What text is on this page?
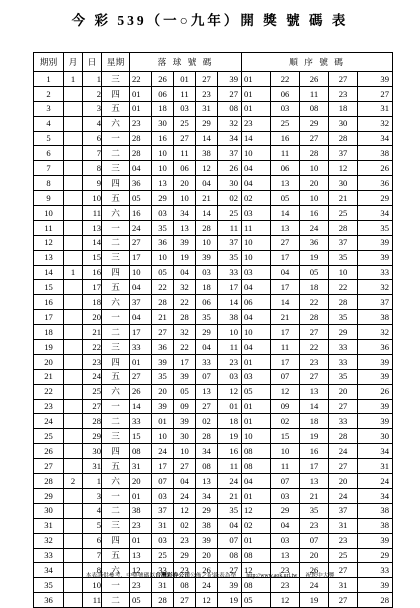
今 彩 539（一○九年）開 獎 號 碼 表
期別	月	日	星期	落 球 號 碼					順 序 號 碼				
1	1	1	三	22	26	01	27	39	01	22	26	27	39
2		2	四	01	06	11	23	27	01	06	11	23	27
3		3	五	01	18	03	31	08	01	03	08	18	31
4		4	六	23	30	25	29	32	23	25	29	30	32
5		6	一	28	16	27	14	34	14	16	27	28	34
6		7	二	28	10	11	38	37	10	11	28	37	38
7		8	三	04	10	06	12	26	04	06	10	12	26
8		9	四	36	13	20	04	30	04	13	20	30	36
9		10	五	05	29	10	21	02	02	05	10	21	29
10		11	六	16	03	34	14	25	03	14	16	25	34
11		13	一	24	35	13	28	11	11	13	24	28	35
12		14	二	27	36	39	10	37	10	27	36	37	39
13		15	三	17	10	19	39	35	10	17	19	35	39
14	1	16	四	10	05	04	03	33	03	04	05	10	33
15		17	五	04	22	32	18	17	04	17	18	22	32
16		18	六	37	28	22	06	14	06	14	22	28	37
17		20	一	04	21	28	35	38	04	21	28	35	38
18		21	二	17	27	32	29	10	10	17	27	29	32
19		22	三	33	36	22	04	11	04	11	22	33	36
20		23	四	01	39	17	33	23	01	17	23	33	39
21		24	五	27	35	39	07	03	03	07	27	35	39
22		25	六	26	20	05	13	12	05	12	13	20	26
23		27	一	14	39	09	27	01	01	09	14	27	39
24		28	二	33	01	39	02	18	01	02	18	33	39
25		29	三	15	10	30	28	19	10	15	19	28	30
26		30	四	08	24	10	34	16	08	10	16	24	34
27		31	五	31	17	27	08	11	08	11	17	27	31
28	2	1	六	20	07	04	13	24	04	07	13	20	24
29		3	一	01	03	24	34	21	01	03	21	24	34
30		4	二	38	37	12	29	35	12	29	35	37	38
31		5	三	23	31	02	38	04	02	04	23	31	38
32		6	四	01	03	23	39	07	01	03	07	23	39
33		7	五	13	25	29	20	08	08	13	20	25	29
34		8	六	12	33	23	26	27	12	23	26	27	33
35		10	一	23	31	08	24	39	08	23	24	31	39
36		11	二	05	28	27	12	19	05	12	19	27	28
本表謹供參考，中獎號碼以台灣彩券公司公佈之紀錄表為準 http://www.aok.url.tw 祝您中大獎
